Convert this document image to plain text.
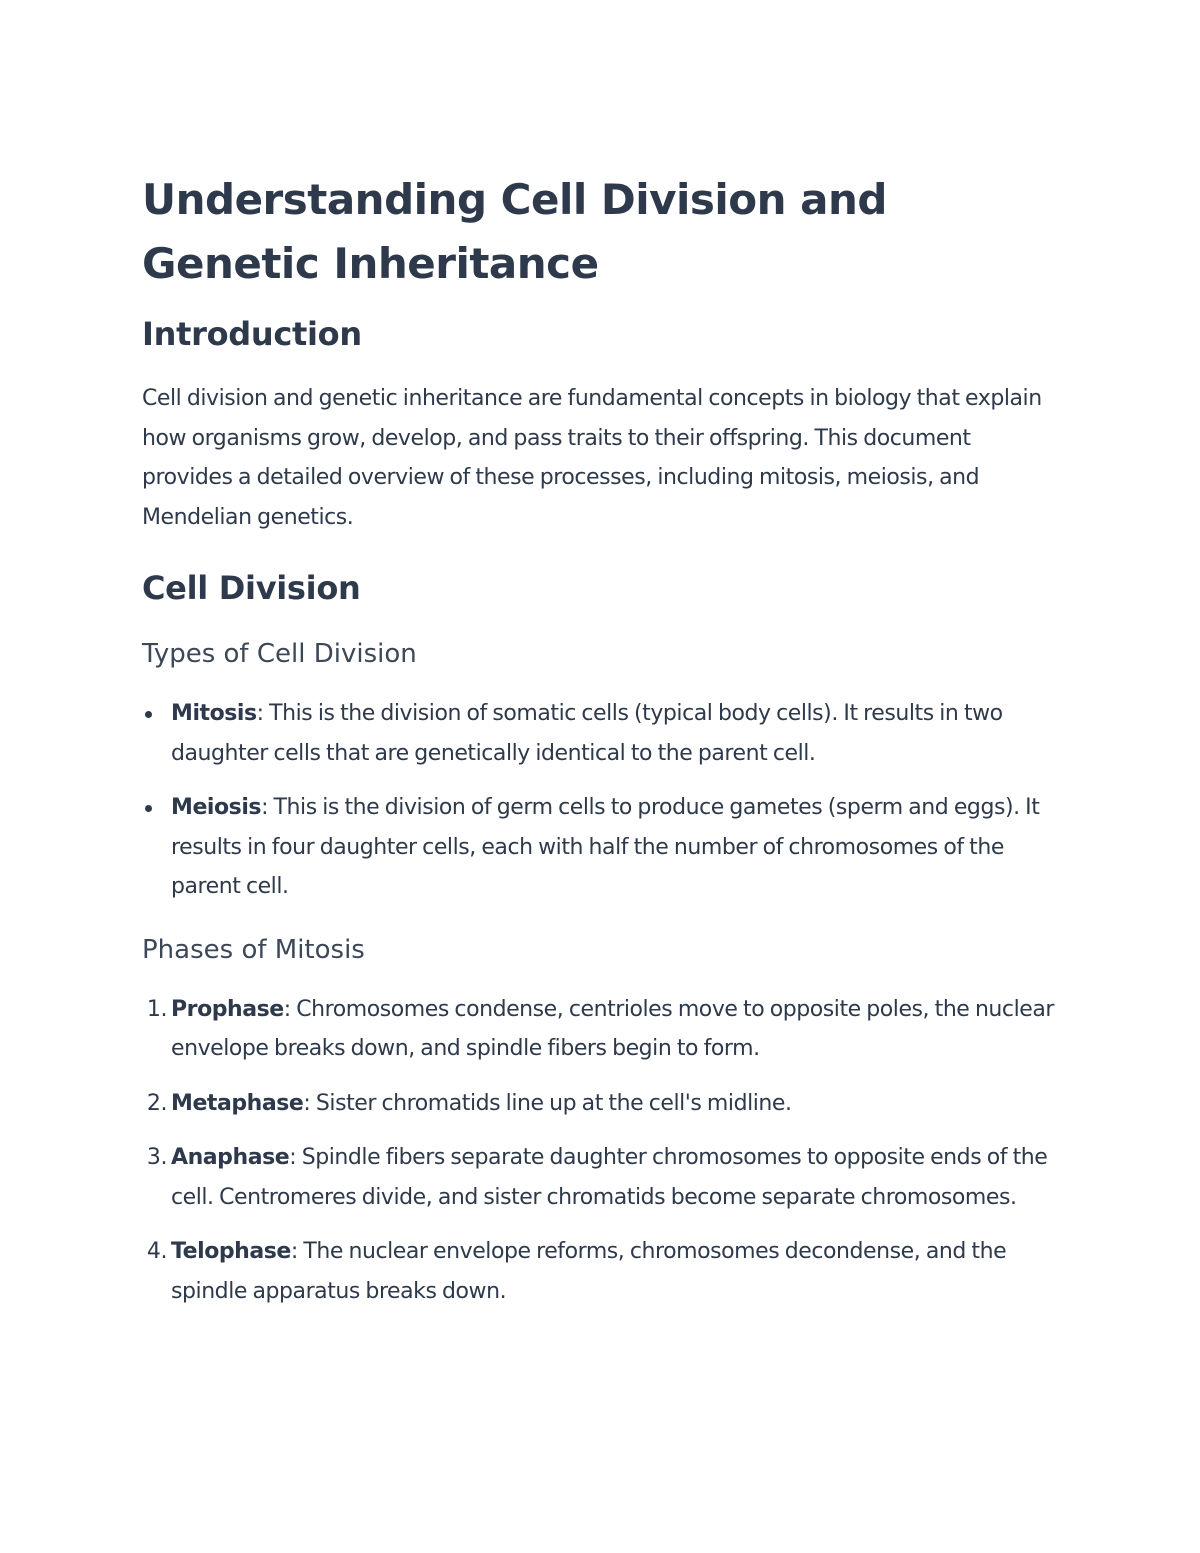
Understanding Cell Division and Genetic Inheritance
Introduction

Cell division and genetic inheritance are fundamental concepts in biology that explain how organisms grow, develop, and pass traits to their offspring. This document provides a detailed overview of these processes, including mitosis, meiosis, and Mendelian genetics.

Cell Division
Types of Cell Division
Mitosis: This is the division of somatic cells (typical body cells). It results in two daughter cells that are genetically identical to the parent cell.
Meiosis: This is the division of germ cells to produce gametes (sperm and eggs). It results in four daughter cells, each with half the number of chromosomes of the parent cell.
Phases of Mitosis
1. Prophase: Chromosomes condense, centrioles move to opposite poles, the nuclear envelope breaks down, and spindle fibers begin to form.
2. Metaphase: Sister chromatids line up at the cell's midline.
3. Anaphase: Spindle fibers separate daughter chromosomes to opposite ends of the cell. Centromeres divide, and sister chromatids become separate chromosomes.
4. Telophase: The nuclear envelope reforms, chromosomes decondense, and the spindle apparatus breaks down.
